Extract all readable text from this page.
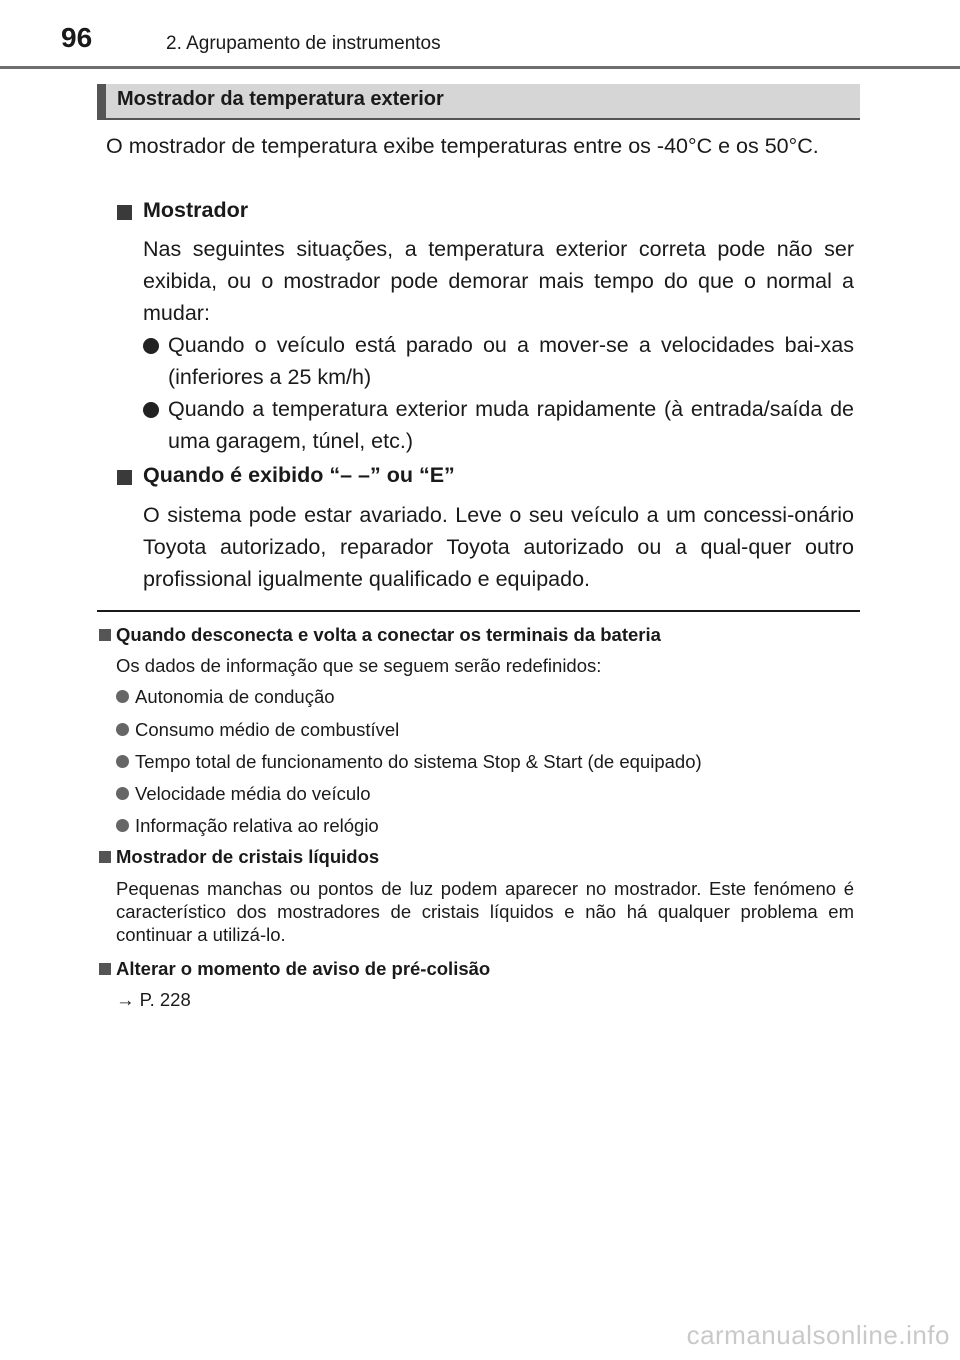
96	2. Agrupamento de instrumentos
Mostrador da temperatura exterior
O mostrador de temperatura exibe temperaturas entre os -40°C e os 50°C.
Mostrador
Nas seguintes situações, a temperatura exterior correta pode não ser exibida, ou o mostrador pode demorar mais tempo do que o normal a mudar:
Quando o veículo está parado ou a mover-se a velocidades bai-xas (inferiores a 25 km/h)
Quando a temperatura exterior muda rapidamente (à entrada/saída de uma garagem, túnel, etc.)
Quando é exibido “– –” ou “E”
O sistema pode estar avariado. Leve o seu veículo a um concessi-onário Toyota autorizado, reparador Toyota autorizado ou a qual-quer outro profissional igualmente qualificado e equipado.
Quando desconecta e volta a conectar os terminais da bateria
Os dados de informação que se seguem serão redefinidos:
Autonomia de condução
Consumo médio de combustível
Tempo total de funcionamento do sistema Stop & Start (de equipado)
Velocidade média do veículo
Informação relativa ao relógio
Mostrador de cristais líquidos
Pequenas manchas ou pontos de luz podem aparecer no mostrador. Este fenómeno é característico dos mostradores de cristais líquidos e não há qualquer problema em continuar a utilizá-lo.
Alterar o momento de aviso de pré-colisão
→ P. 228
carmanualsonline.info
